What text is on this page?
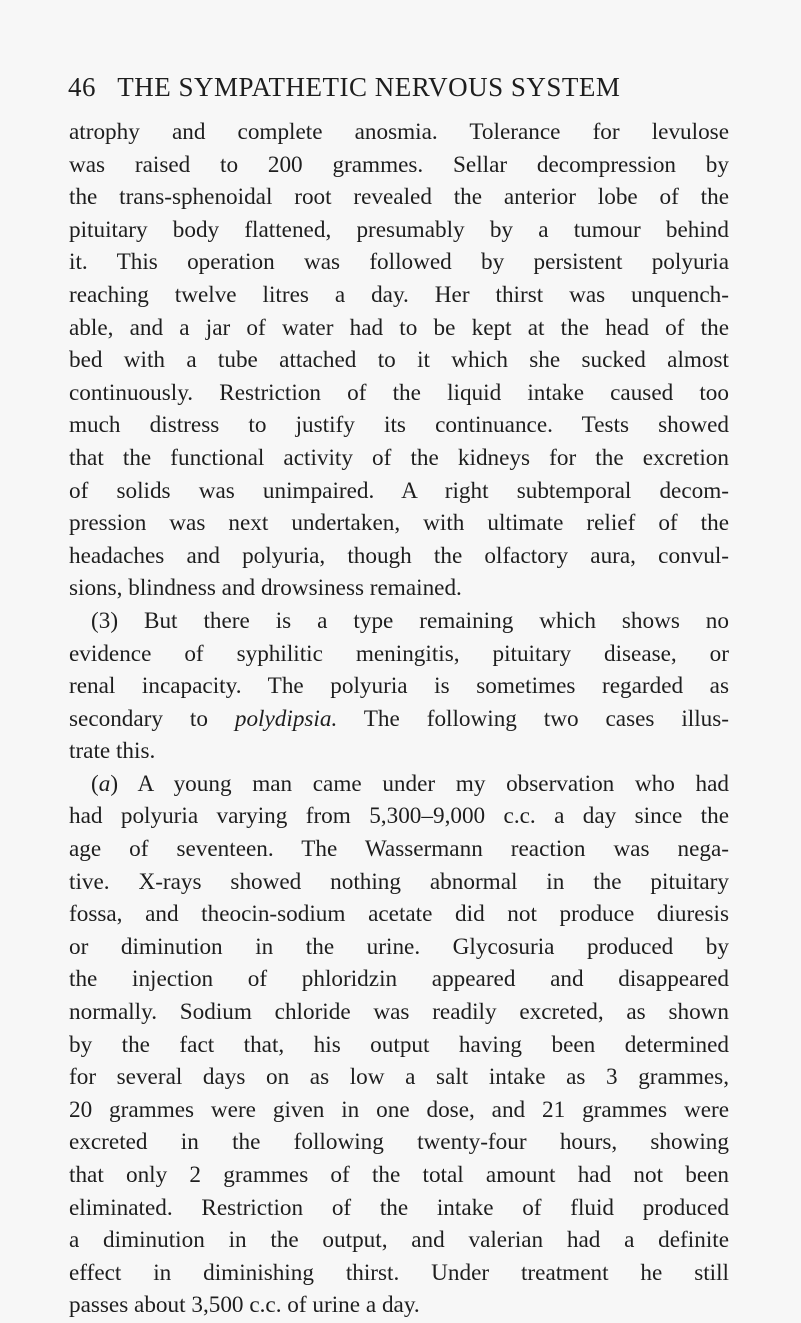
46 THE SYMPATHETIC NERVOUS SYSTEM
atrophy and complete anosmia. Tolerance for levulose
was raised to 200 grammes. Sellar decompression by
the trans-sphenoidal root revealed the anterior lobe of the
pituitary body flattened, presumably by a tumour behind
it. This operation was followed by persistent polyuria
reaching twelve litres a day. Her thirst was unquench-
able, and a jar of water had to be kept at the head of the
bed with a tube attached to it which she sucked almost
continuously. Restriction of the liquid intake caused too
much distress to justify its continuance. Tests showed
that the functional activity of the kidneys for the excretion
of solids was unimpaired. A right subtemporal decom-
pression was next undertaken, with ultimate relief of the
headaches and polyuria, though the olfactory aura, convul-
sions, blindness and drowsiness remained.
(3) But there is a type remaining which shows no
evidence of syphilitic meningitis, pituitary disease, or
renal incapacity. The polyuria is sometimes regarded as
secondary to polydipsia. The following two cases illus-
trate this.
(a) A young man came under my observation who had
had polyuria varying from 5,300–9,000 c.c. a day since the
age of seventeen. The Wassermann reaction was nega-
tive. X-rays showed nothing abnormal in the pituitary
fossa, and theocin-sodium acetate did not produce diuresis
or diminution in the urine. Glycosuria produced by
the injection of phloridzin appeared and disappeared
normally. Sodium chloride was readily excreted, as shown
by the fact that, his output having been determined
for several days on as low a salt intake as 3 grammes,
20 grammes were given in one dose, and 21 grammes were
excreted in the following twenty-four hours, showing
that only 2 grammes of the total amount had not been
eliminated. Restriction of the intake of fluid produced
a diminution in the output, and valerian had a definite
effect in diminishing thirst. Under treatment he still
passes about 3,500 c.c. of urine a day.
